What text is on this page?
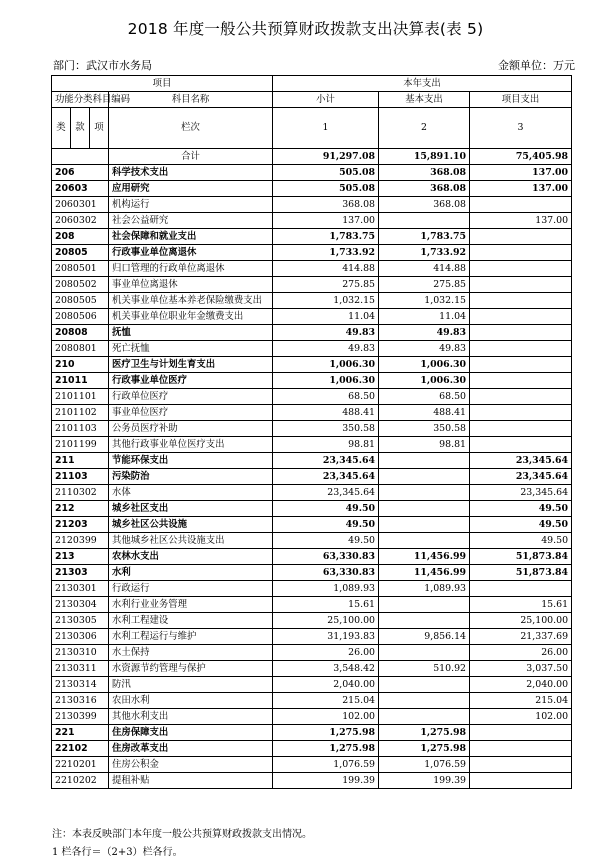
2018 年度一般公共预算财政拨款支出决算表(表 5)
部门：武汉市水务局	金额单位：万元
项目				本年支出		
功能分类科目编码			科目名称	小计	基本支出	项目支出
类	款	项				

			栏次	1	2	3
			合计	91,297.08	15,891.10	75,405.98
206			科学技术支出	505.08	368.08	137.00
20603			应用研究	505.08	368.08	137.00
2060301			机构运行	368.08	368.08	
2060302			社会公益研究	137.00		137.00
208			社会保障和就业支出	1,783.75	1,783.75	
20805			行政事业单位离退休	1,733.92	1,733.92	
2080501			归口管理的行政单位离退休	414.88	414.88	
2080502			事业单位离退休	275.85	275.85	
2080505			机关事业单位基本养老保险缴费支出	1,032.15	1,032.15	
2080506			机关事业单位职业年金缴费支出	11.04	11.04	
20808			抚恤	49.83	49.83	
2080801			死亡抚恤	49.83	49.83	
210			医疗卫生与计划生育支出	1,006.30	1,006.30	
21011			行政事业单位医疗	1,006.30	1,006.30	
2101101			行政单位医疗	68.50	68.50	
2101102			事业单位医疗	488.41	488.41	
2101103			公务员医疗补助	350.58	350.58	
2101199			其他行政事业单位医疗支出	98.81	98.81	
211			节能环保支出	23,345.64		23,345.64
21103			污染防治	23,345.64		23,345.64
2110302			水体	23,345.64		23,345.64
212			城乡社区支出	49.50		49.50
21203			城乡社区公共设施	49.50		49.50
2120399			其他城乡社区公共设施支出	49.50		49.50
213			农林水支出	63,330.83	11,456.99	51,873.84
21303			水利	63,330.83	11,456.99	51,873.84
2130301			行政运行	1,089.93	1,089.93	
2130304			水利行业业务管理	15.61		15.61
2130305			水利工程建设	25,100.00		25,100.00
2130306			水利工程运行与维护	31,193.83	9,856.14	21,337.69
2130310			水土保持	26.00		26.00
2130311			水资源节约管理与保护	3,548.42	510.92	3,037.50
2130314			防汛	2,040.00		2,040.00
2130316			农田水利	215.04		215.04
2130399			其他水利支出	102.00		102.00
221			住房保障支出	1,275.98	1,275.98	
22102			住房改革支出	1,275.98	1,275.98	
2210201			住房公积金	1,076.59	1,076.59	
2210202			提租补贴	199.39	199.39	
注：本表反映部门本年度一般公共预算财政拨款支出情况。
1 栏各行＝（2+3）栏各行。
